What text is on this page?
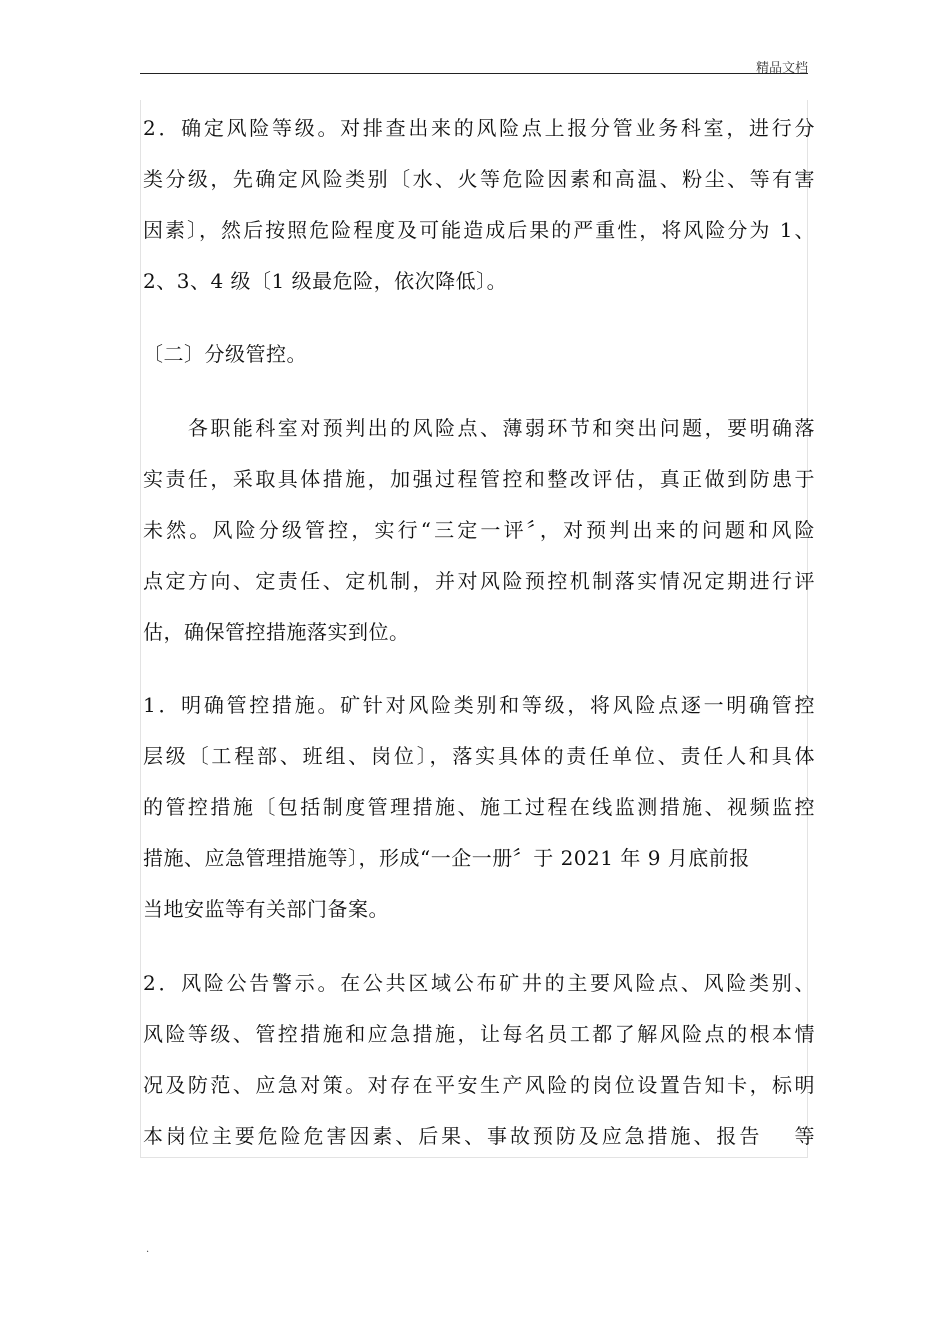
精品文档
2．确定风险等级。对排查出来的风险点上报分管业务科室，进行分
类分级，先确定风险类别〔水、火等危险因素和高温、粉尘、等有害
因素〕，然后按照危险程度及可能造成后果的严重性，将风险分为 1、
2、3、4 级〔1 级最危险，依次降低〕。
〔二〕分级管控。
　　各职能科室对预判出的风险点、薄弱环节和突出问题，要明确落
实责任，采取具体措施，加强过程管控和整改评估，真正做到防患于
未然。风险分级管控，实行“三定一评〞，对预判出来的问题和风险
点定方向、定责任、定机制，并对风险预控机制落实情况定期进行评
估，确保管控措施落实到位。
1．明确管控措施。矿针对风险类别和等级，将风险点逐一明确管控
层级〔工程部、班组、岗位〕，落实具体的责任单位、责任人和具体
的管控措施〔包括制度管理措施、施工过程在线监测措施、视频监控
措施、应急管理措施等〕，形成“一企一册〞于 2021 年 9 月底前报
当地安监等有关部门备案。
2．风险公告警示。在公共区域公布矿井的主要风险点、风险类别、
风险等级、管控措施和应急措施，让每名员工都了解风险点的根本情
况及防范、应急对策。对存在平安生产风险的岗位设置告知卡，标明
本岗位主要危险危害因素、后果、事故预防及应急措施、报告　 等
.
